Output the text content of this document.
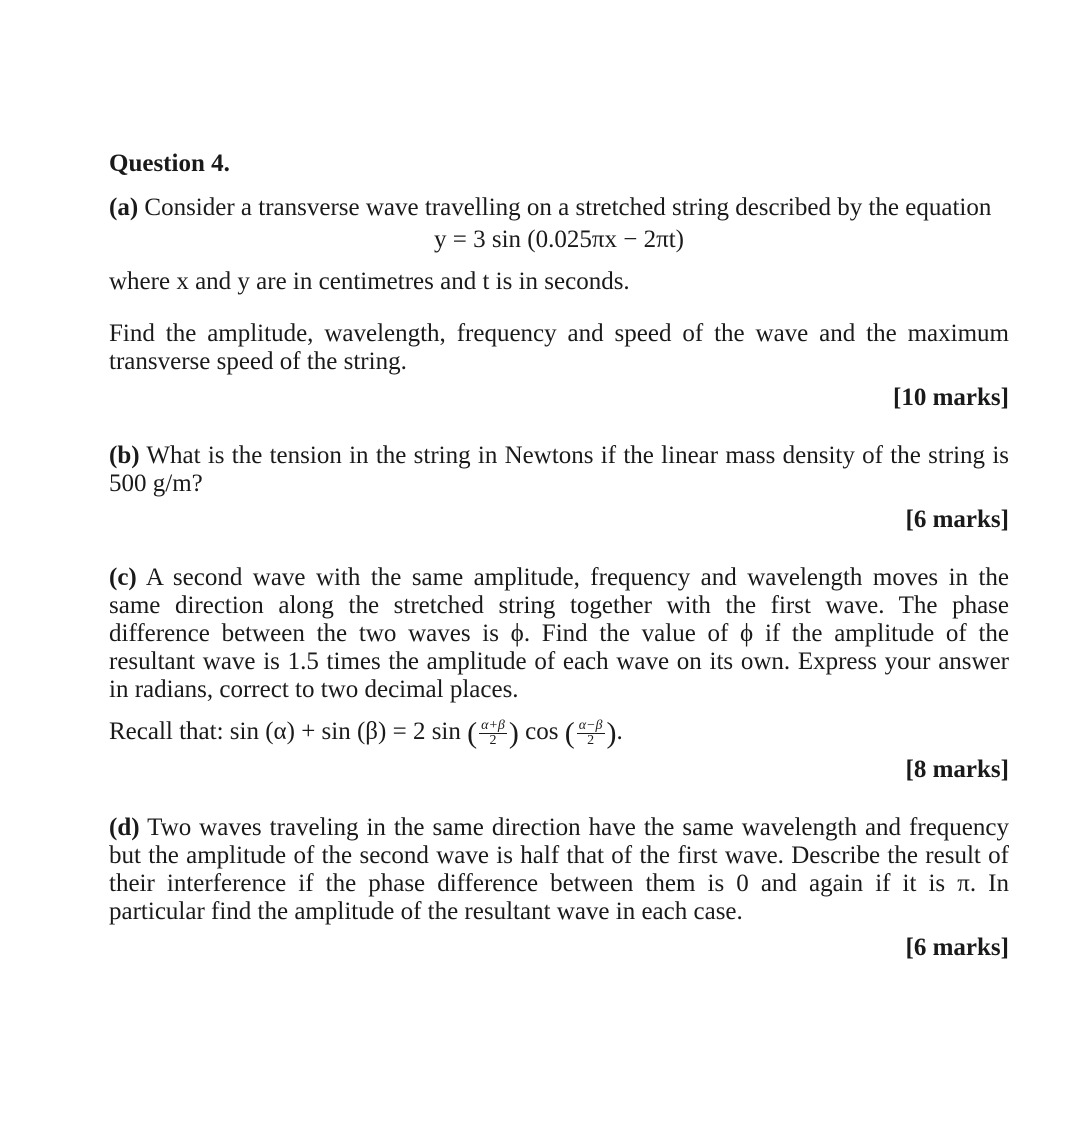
Question 4.

(a) Consider a transverse wave travelling on a stretched string described by the equation

y = 3 sin (0.025πx − 2πt)

where x and y are in centimetres and t is in seconds.

Find the amplitude, wavelength, frequency and speed of the wave and the maximum transverse speed of the string.

[10 marks]

(b) What is the tension in the string in Newtons if the linear mass density of the string is 500 g/m?

[6 marks]

(c) A second wave with the same amplitude, frequency and wavelength moves in the same direction along the stretched string together with the first wave. The phase difference between the two waves is ϕ. Find the value of ϕ if the amplitude of the resultant wave is 1.5 times the amplitude of each wave on its own. Express your answer in radians, correct to two decimal places.

Recall that: sin (α) + sin (β) = 2 sin ( $\frac{\alpha+\beta}{2}$ ) cos ( $\frac{\alpha-\beta}{2}$ ).

[8 marks]

(d) Two waves traveling in the same direction have the same wavelength and frequency but the amplitude of the second wave is half that of the first wave. Describe the result of their interference if the phase difference between them is 0 and again if it is π. In particular find the amplitude of the resultant wave in each case.

[6 marks]
